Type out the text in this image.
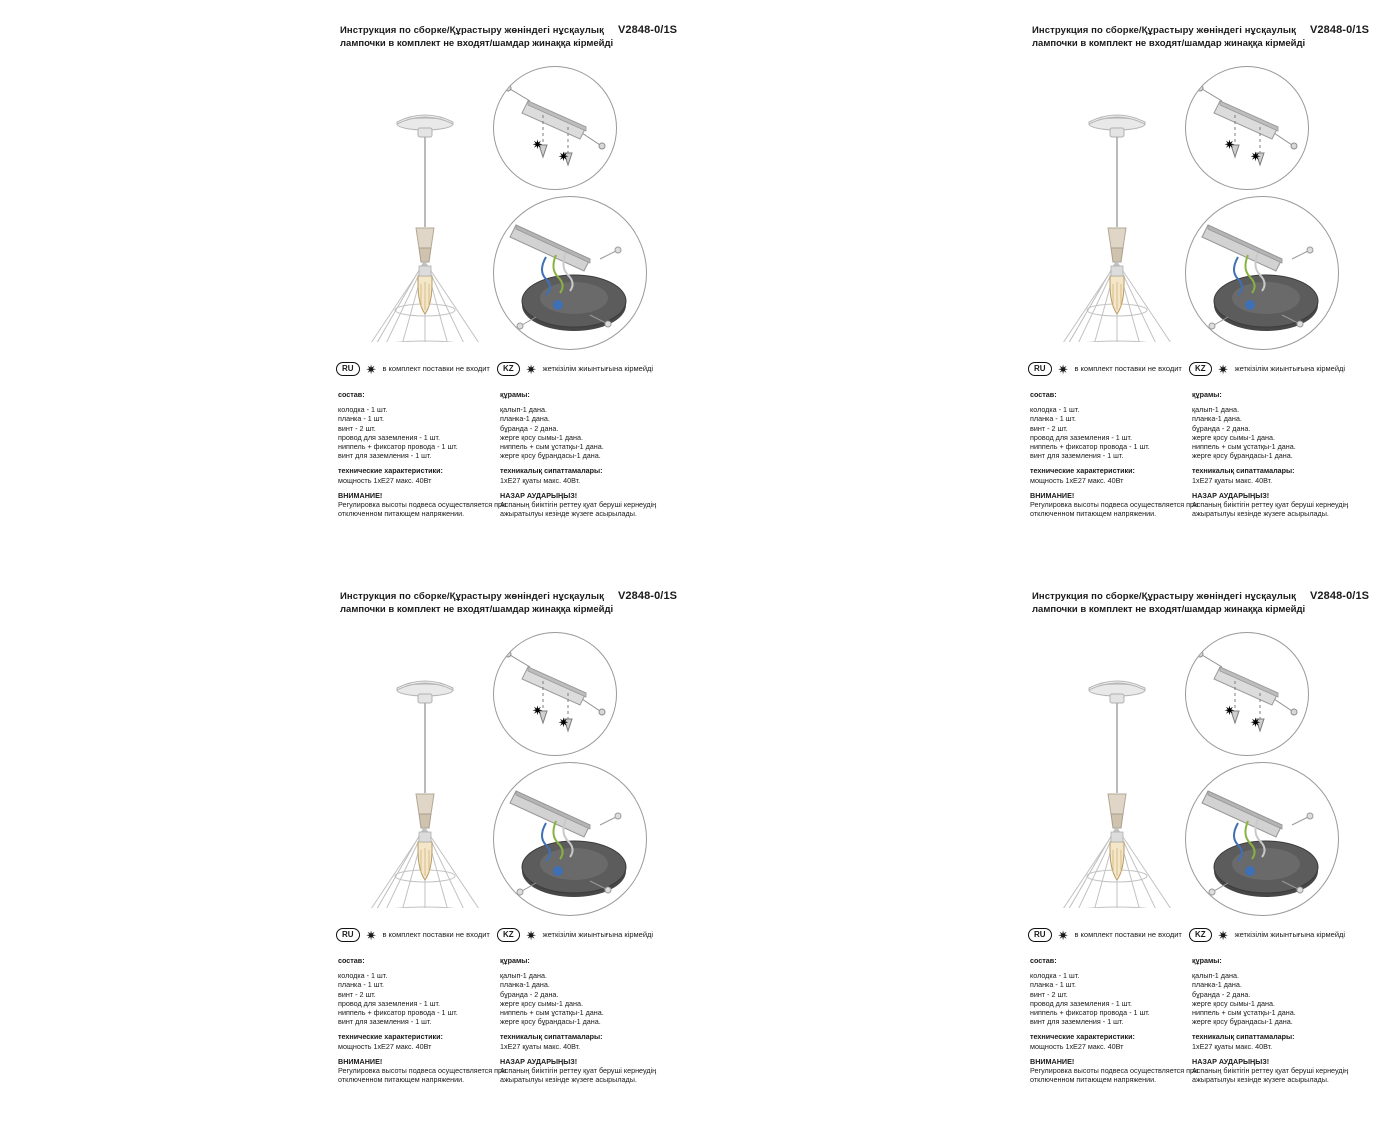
Инструкция по сборке/Құрастыру жөніндегі нұсқаулық V2848-0/1S
лампочки в комплект не входят/шамдар жинаққа кірмейді
✷
✷
RU ✷ в комплект поставки не входит	KZ ✷ жеткізілім жиынтығына кірмейді

состав:

колодка - 1 шт.

планка - 1 шт.

винт - 2 шт.

провод для заземления - 1 шт.

ниппель + фиксатор провода - 1 шт.

винт для заземления - 1 шт.

технические характеристики:

мощность 1хЕ27 макс. 40Вт

ВНИМАНИЕ!

Регулировка высоты подвеса осуществляется при отключенном питающем напряжении.

құрамы:

қалып-1 дана.

планка-1 дана.

бұранда - 2 дана.

жерге қосу сымы-1 дана.

ниппель + сым ұстатқы-1 дана.

жерге қосу бұрандасы-1 дана.

техникалық сипаттамалары:

1хЕ27 қуаты макс. 40Вт.

НАЗАР АУДАРЫҢЫЗ!

Аспаның биіктігін реттеу қуат беруші кернеудің ажыратылуы кезінде жүзеге асырылады.

Инструкция по сборке/Құрастыру жөніндегі нұсқаулық V2848-0/1S
лампочки в комплект не входят/шамдар жинаққа кірмейді
✷
✷
RU ✷ в комплект поставки не входит	KZ ✷ жеткізілім жиынтығына кірмейді

состав:

колодка - 1 шт.

планка - 1 шт.

винт - 2 шт.

провод для заземления - 1 шт.

ниппель + фиксатор провода - 1 шт.

винт для заземления - 1 шт.

технические характеристики:

мощность 1хЕ27 макс. 40Вт

ВНИМАНИЕ!

Регулировка высоты подвеса осуществляется при отключенном питающем напряжении.

құрамы:

қалып-1 дана.

планка-1 дана.

бұранда - 2 дана.

жерге қосу сымы-1 дана.

ниппель + сым ұстатқы-1 дана.

жерге қосу бұрандасы-1 дана.

техникалық сипаттамалары:

1хЕ27 қуаты макс. 40Вт.

НАЗАР АУДАРЫҢЫЗ!

Аспаның биіктігін реттеу қуат беруші кернеудің ажыратылуы кезінде жүзеге асырылады.

Инструкция по сборке/Құрастыру жөніндегі нұсқаулық V2848-0/1S
лампочки в комплект не входят/шамдар жинаққа кірмейді
✷
✷
RU ✷ в комплект поставки не входит	KZ ✷ жеткізілім жиынтығына кірмейді

состав:

колодка - 1 шт.

планка - 1 шт.

винт - 2 шт.

провод для заземления - 1 шт.

ниппель + фиксатор провода - 1 шт.

винт для заземления - 1 шт.

технические характеристики:

мощность 1хЕ27 макс. 40Вт

ВНИМАНИЕ!

Регулировка высоты подвеса осуществляется при отключенном питающем напряжении.

құрамы:

қалып-1 дана.

планка-1 дана.

бұранда - 2 дана.

жерге қосу сымы-1 дана.

ниппель + сым ұстатқы-1 дана.

жерге қосу бұрандасы-1 дана.

техникалық сипаттамалары:

1хЕ27 қуаты макс. 40Вт.

НАЗАР АУДАРЫҢЫЗ!

Аспаның биіктігін реттеу қуат беруші кернеудің ажыратылуы кезінде жүзеге асырылады.

Инструкция по сборке/Құрастыру жөніндегі нұсқаулық V2848-0/1S
лампочки в комплект не входят/шамдар жинаққа кірмейді
✷
✷
RU ✷ в комплект поставки не входит	KZ ✷ жеткізілім жиынтығына кірмейді

состав:

колодка - 1 шт.

планка - 1 шт.

винт - 2 шт.

провод для заземления - 1 шт.

ниппель + фиксатор провода - 1 шт.

винт для заземления - 1 шт.

технические характеристики:

мощность 1хЕ27 макс. 40Вт

ВНИМАНИЕ!

Регулировка высоты подвеса осуществляется при отключенном питающем напряжении.

құрамы:

қалып-1 дана.

планка-1 дана.

бұранда - 2 дана.

жерге қосу сымы-1 дана.

ниппель + сым ұстатқы-1 дана.

жерге қосу бұрандасы-1 дана.

техникалық сипаттамалары:

1хЕ27 қуаты макс. 40Вт.

НАЗАР АУДАРЫҢЫЗ!

Аспаның биіктігін реттеу қуат беруші кернеудің ажыратылуы кезінде жүзеге асырылады.
